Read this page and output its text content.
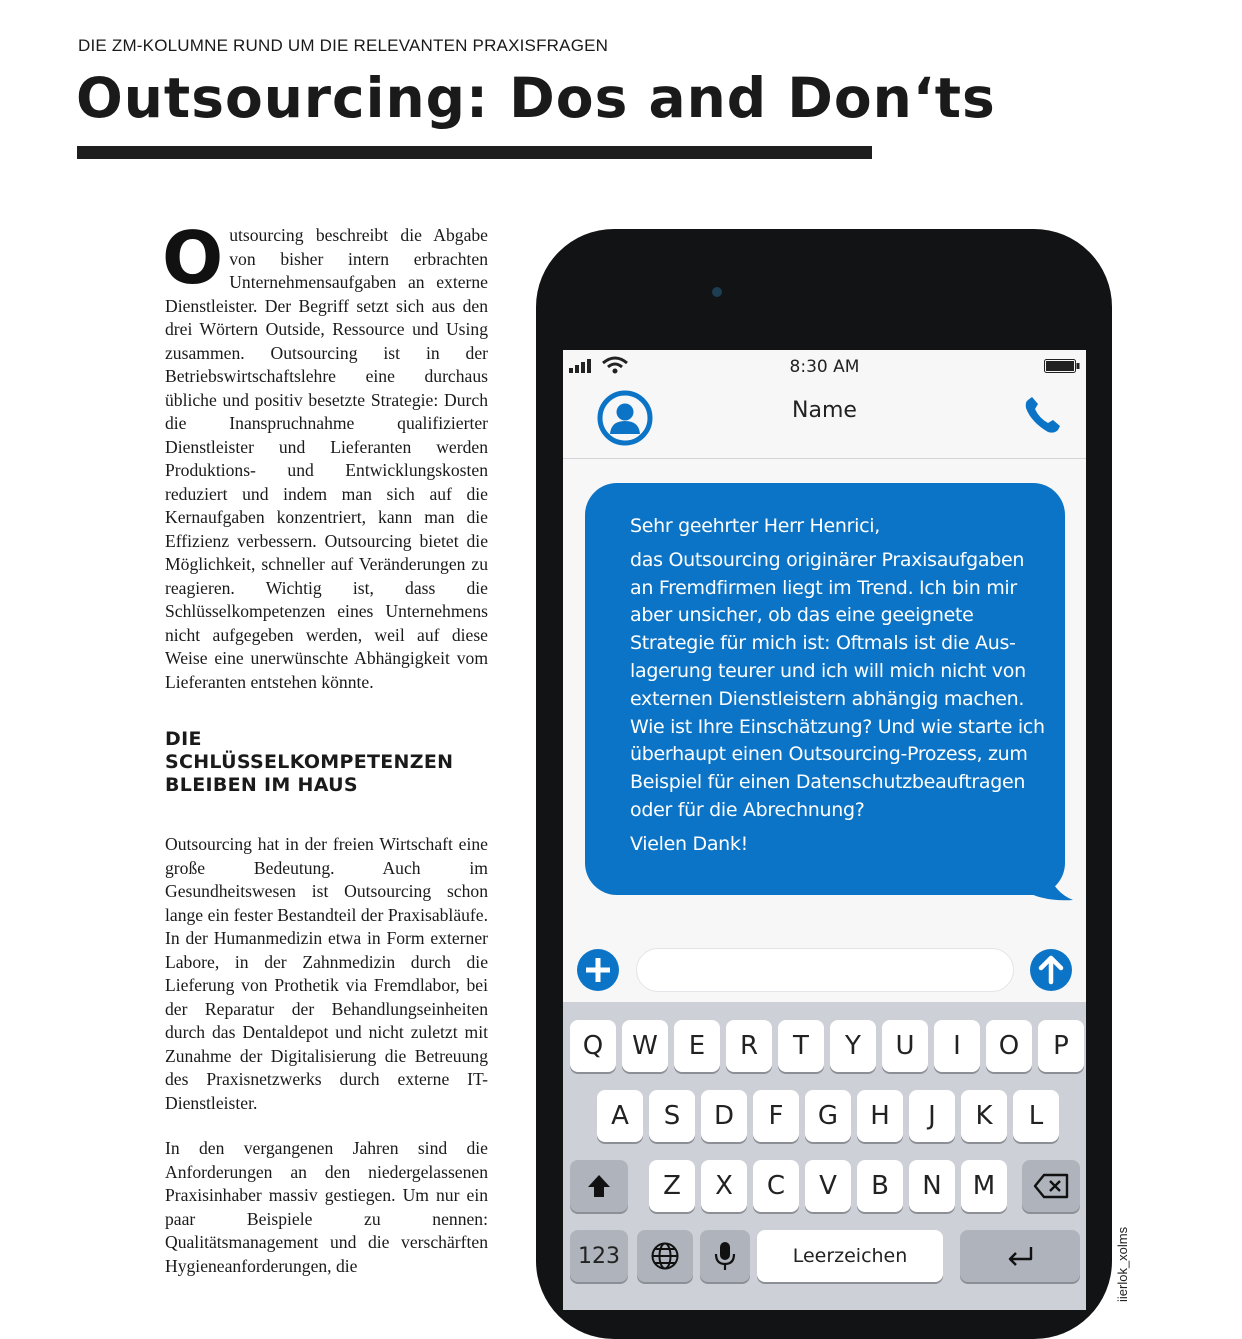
DIE ZM-KOLUMNE RUND UM DIE RELEVANTEN PRAXISFRAGEN
Outsourcing: Dos and Don‘ts
O utsourcing beschreibt die Abgabe von bisher intern erbrachten Unternehmensaufgaben an externe Dienstleister. Der Begriff setzt sich aus den drei Wörtern Outside, Ressource und Using zusammen. Outsourcing ist in der Betriebswirtschaftslehre eine durchaus übliche und positiv besetzte Strategie: Durch die Inanspruchnahme qualifizierter Dienstleister und Lieferanten werden Produktions- und Entwicklungskosten reduziert und indem man sich auf die Kernaufgaben konzentriert, kann man die Effizienz verbessern. Outsourcing bietet die Möglichkeit, schneller auf Veränderungen zu reagieren. Wichtig ist, dass die Schlüsselkompetenzen eines Unternehmens nicht aufgegeben werden, weil auf diese Weise eine unerwünschte Abhängigkeit vom Lieferanten entstehen könnte.

DIE SCHLÜSSELKOMPETENZEN BLEIBEN IM HAUS

Outsourcing hat in der freien Wirtschaft eine große Bedeutung. Auch im Gesundheitswesen ist Outsourcing schon lange ein fester Bestandteil der Praxisabläufe. In der Humanmedizin etwa in Form externer Labore, in der Zahnmedizin durch die Lieferung von Prothetik via Fremdlabor, bei der Reparatur der Behandlungseinheiten durch das Dentaldepot und nicht zuletzt mit Zunahme der Digitalisierung die Betreuung des Praxisnetzwerks durch externe IT-Dienstleister.

In den vergangenen Jahren sind die Anforderungen an den niedergelassenen Praxisinhaber massiv gestiegen. Um nur ein paar Beispiele zu nennen: Qualitätsmanagement und die verschärften Hygieneanforderungen, die

8:30 AM
Name
Sehr geehrter Herr Henrici,
das Outsourcing originärer Praxisaufgaben an Fremdfirmen liegt im Trend. Ich bin mir aber unsicher, ob das eine geeignete Strategie für mich ist: Oftmals ist die Auslagerung teurer und ich will mich nicht von externen Dienstleistern abhängig machen. Wie ist Ihre Einschätzung? Und wie starte ich überhaupt einen Outsourcing-Prozess, zum Beispiel für einen Datenschutzbeauftragen oder für die Abrechnung?
Vielen Dank!
Q	W	E	R	T	Y	U	I	O	P
A	S	D	F	G	H	J	K	L
Z	X	C	V	B	N	M
123	Leerzeichen	iierlok_xolms
